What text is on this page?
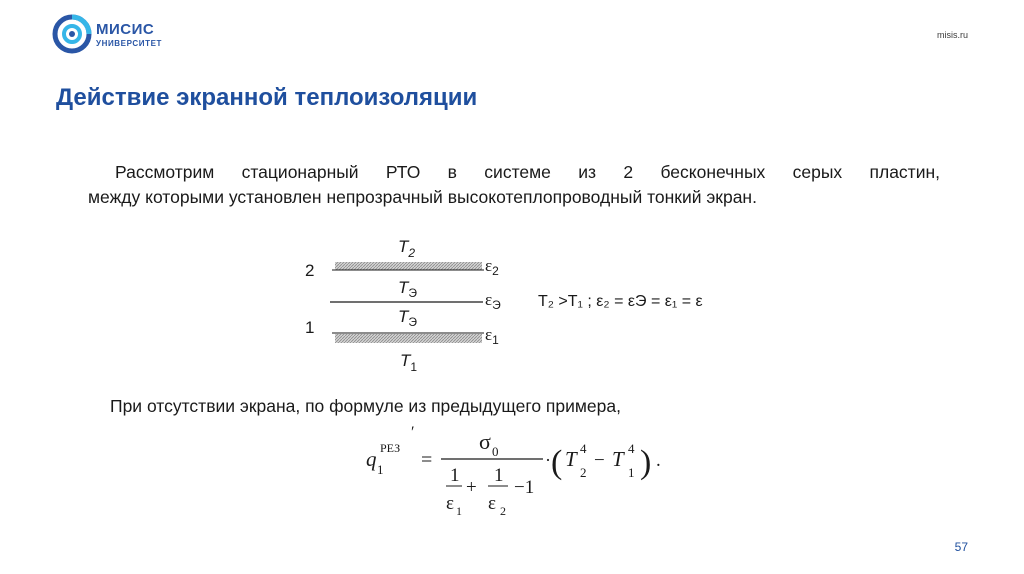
МИСИС
УНИВЕРСИТЕТ
misis.ru
Действие экранной теплоизоляции
Рассмотрим стационарный РТО в системе из 2 бесконечных серых пластин,
между которыми установлен непрозрачный высокотеплопроводный тонкий экран.
$T_2$
2	$\varepsilon_2$
$T_Э$	$\varepsilon_Э$
$T_Э$
1	$\varepsilon_1$
$T_1$
T₂ >T₁ ; ε₂ = εЭ = ε₁ = ε
q 1
РЕЗ
′
=
σ 0
1
ε 1
+
1
ε 2
−1
· ( T 4
2
− T 4
1 ) .
При отсутствии экрана, по формуле из предыдущего примера,
57
